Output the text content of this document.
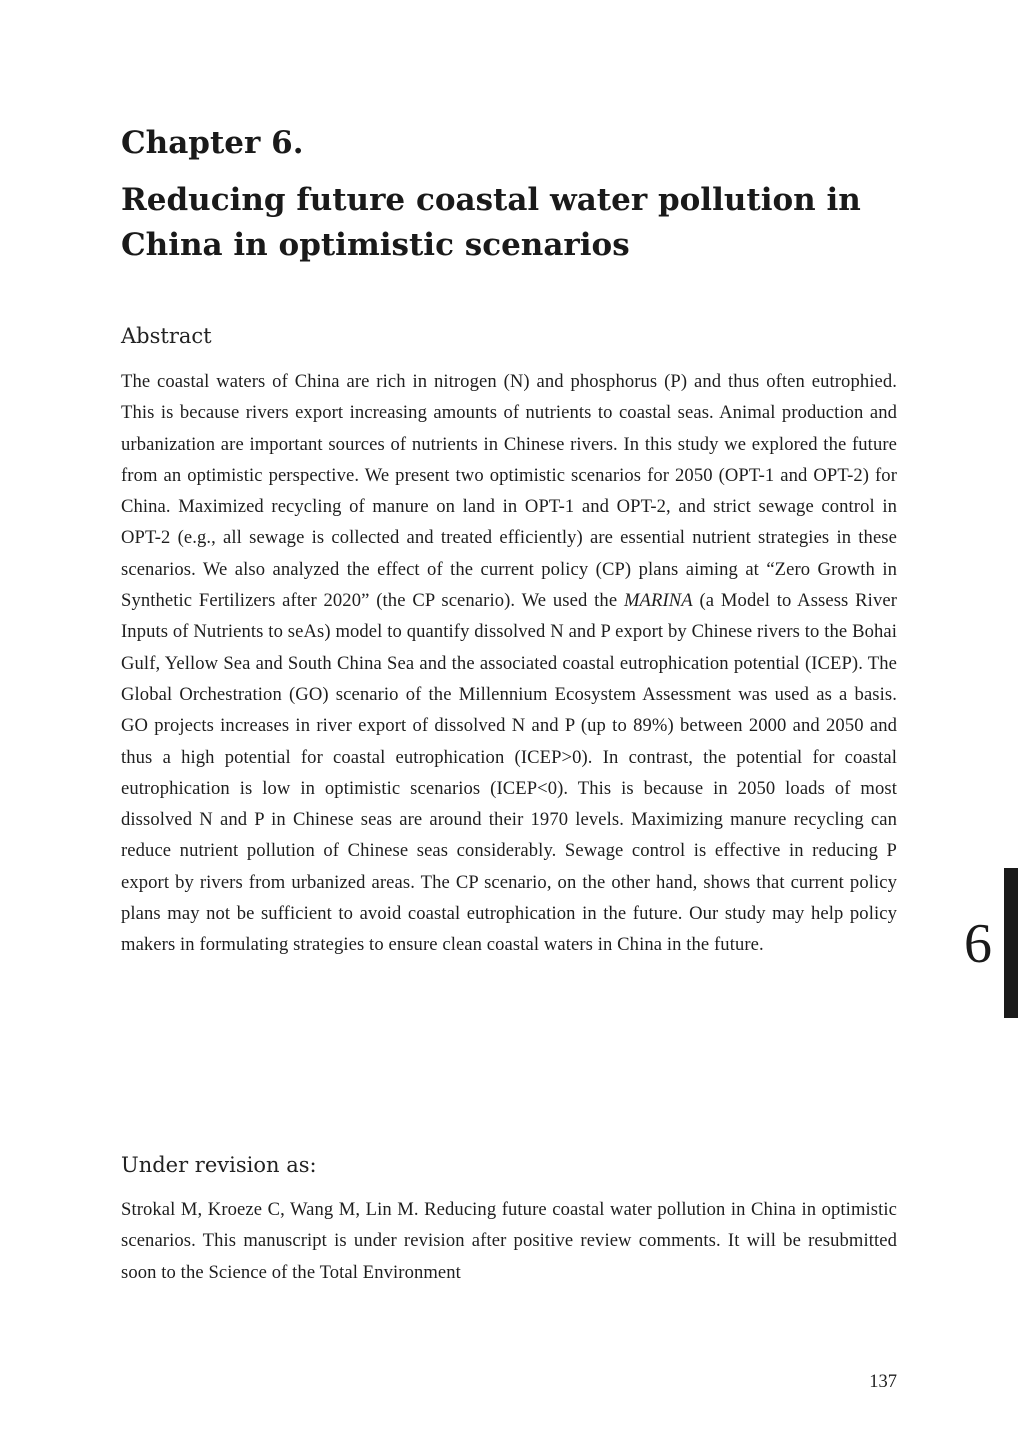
Chapter 6.
Reducing future coastal water pollution in China in optimistic scenarios
Abstract

The coastal waters of China are rich in nitrogen (N) and phosphorus (P) and thus often eutrophied. This is because rivers export increasing amounts of nutrients to coastal seas. Animal production and urbanization are important sources of nutrients in Chinese rivers. In this study we explored the future from an optimistic perspective. We present two optimistic scenarios for 2050 (OPT-1 and OPT-2) for China. Maximized recycling of manure on land in OPT-1 and OPT-2, and strict sewage control in OPT-2 (e.g., all sewage is collected and treated efficiently) are essential nutrient strategies in these scenarios. We also analyzed the effect of the current policy (CP) plans aiming at “Zero Growth in Synthetic Fertilizers after 2020” (the CP scenario). We used the MARINA (a Model to Assess River Inputs of Nutrients to seAs) model to quantify dissolved N and P export by Chinese rivers to the Bohai Gulf, Yellow Sea and South China Sea and the associated coastal eutrophication potential (ICEP). The Global Orchestration (GO) scenario of the Millennium Ecosystem Assessment was used as a basis. GO projects increases in river export of dissolved N and P (up to 89%) between 2000 and 2050 and thus a high potential for coastal eutrophication (ICEP>0). In contrast, the potential for coastal eutrophication is low in optimistic scenarios (ICEP<0). This is because in 2050 loads of most dissolved N and P in Chinese seas are around their 1970 levels. Maximizing manure recycling can reduce nutrient pollution of Chinese seas considerably. Sewage control is effective in reducing P export by rivers from urbanized areas. The CP scenario, on the other hand, shows that current policy plans may not be sufficient to avoid coastal eutrophication in the future. Our study may help policy makers in formulating strategies to ensure clean coastal waters in China in the future.

Under revision as:

Strokal M, Kroeze C, Wang M, Lin M. Reducing future coastal water pollution in China in optimistic scenarios. This manuscript is under revision after positive review comments. It will be resubmitted soon to the Science of the Total Environment

6
137
